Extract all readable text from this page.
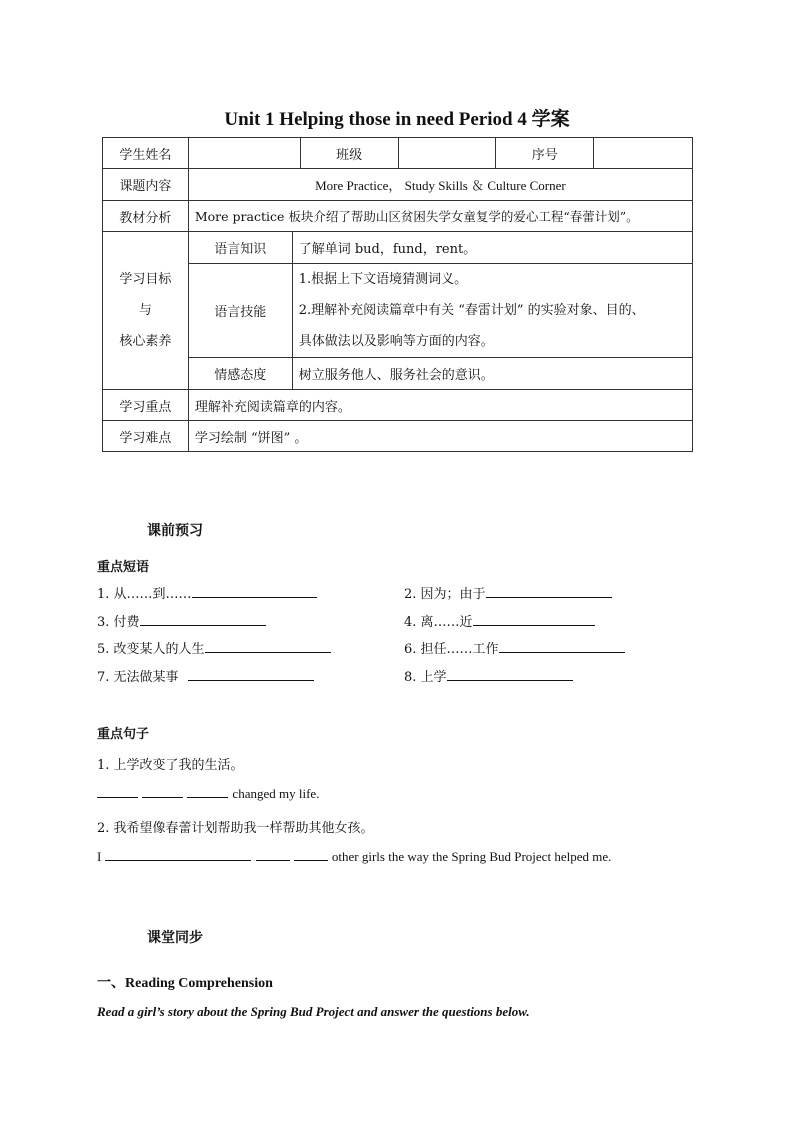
Unit 1 Helping those in need Period 4 学案
学生姓名			班级		序号	
课题内容	More Practice， Study Skills ＆ Culture Corner					
教材分析	More practice 板块介绍了帮助山区贫困失学女童复学的爱心工程“春蕾计划”。					

学习目标
与
核心素养	语言知识	了解单词 bud，fund，rent。				
	语言技能	1.根据上下文语境猜测词义。
2.理解补充阅读篇章中有关 “春雷计划” 的实验对象、目的、
具体做法以及影响等方面的内容。				

	情感态度	树立服务他人、服务社会的意识。				
学习重点	理解补充阅读篇章的内容。					
学习难点	学习绘制 “饼图” 。					
课前预习
重点短语
1. 从……到……	2. 因为；由于
3. 付费	4. 离……近
5. 改变某人的人生	6. 担任……工作
7. 无法做某事	8. 上学
重点句子
1. 上学改变了我的生活。
changed my life.
2. 我希望像春蕾计划帮助我一样帮助其他女孩。
I	other girls the way the Spring Bud Project helped me.
课堂同步
一、Reading Comprehension
Read a girl’s story about the Spring Bud Project and answer the questions below.
